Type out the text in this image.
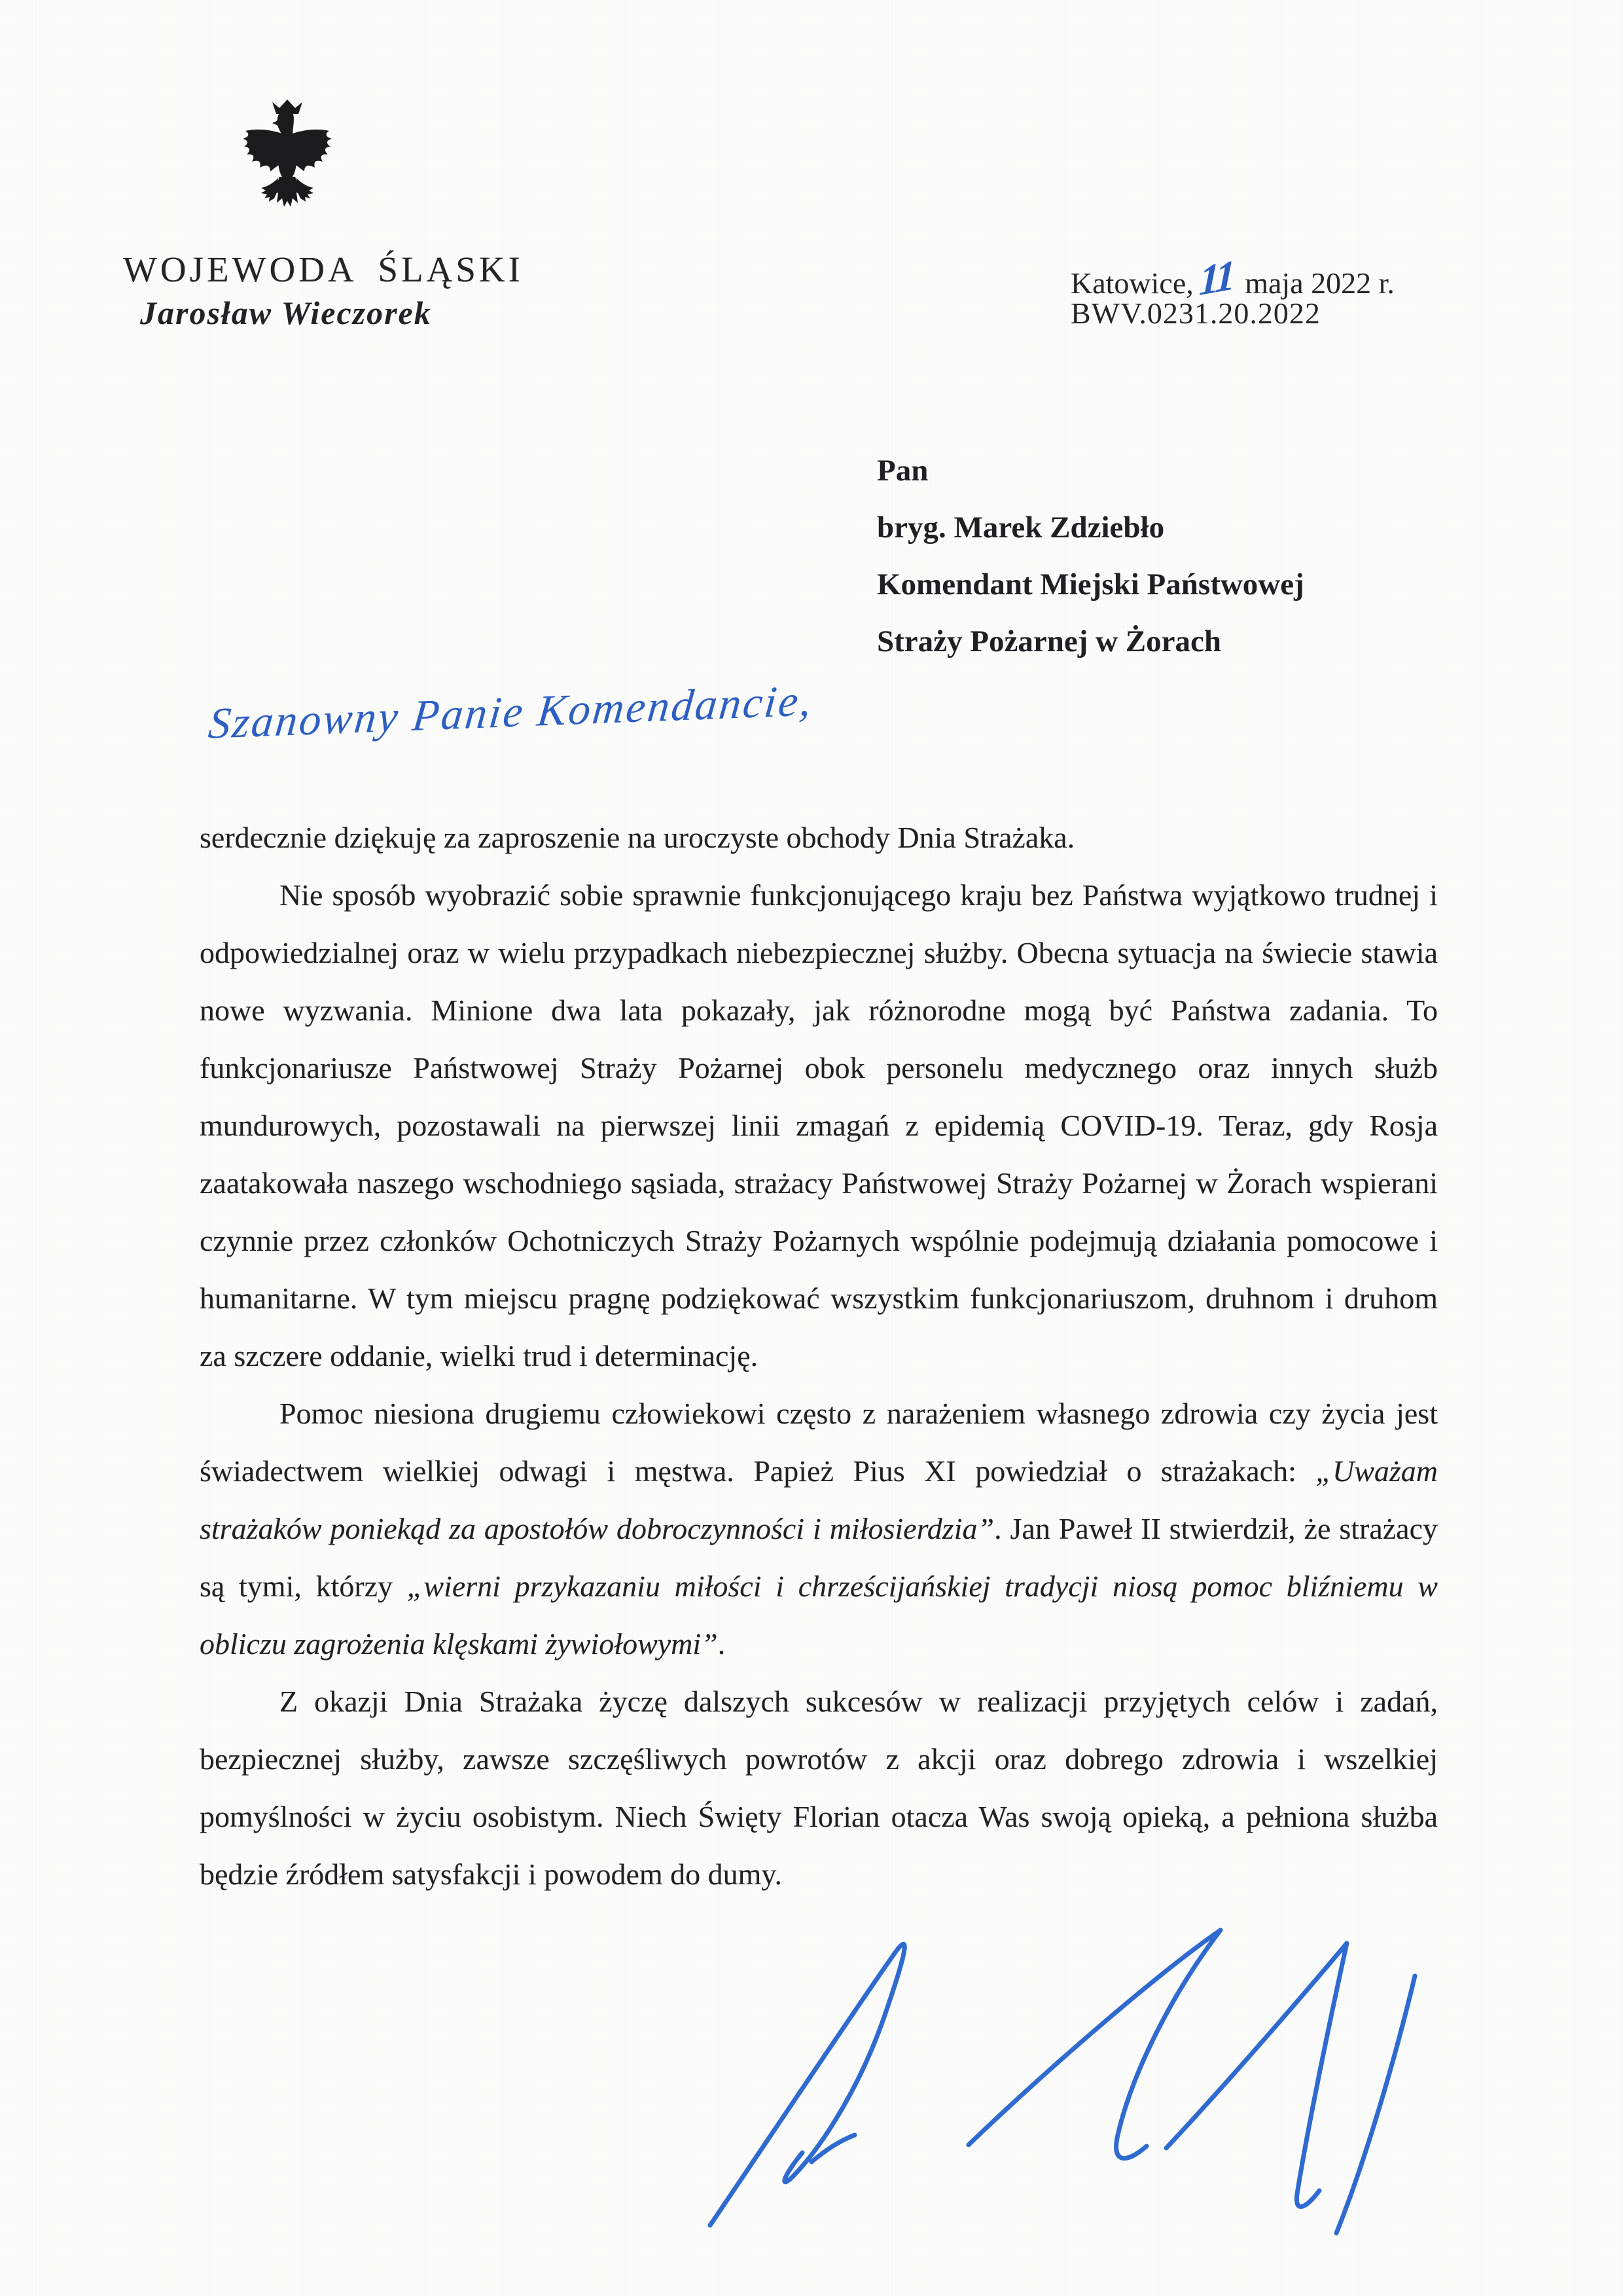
WOJEWODA ŚLĄSKI
Jarosław Wieczorek
Katowice, 11 maja 2022 r.
BWV.0231.20.2022
Pan
bryg. Marek Zdziebło
Komendant Miejski Państwowej
Straży Pożarnej w Żorach
Szanowny Panie Komendancie,

serdecznie dziękuję za zaproszenie na uroczyste obchody Dnia Strażaka.

Nie sposób wyobrazić sobie sprawnie funkcjonującego kraju bez Państwa wyjątkowo trudnej i odpowiedzialnej oraz w wielu przypadkach niebezpiecznej służby. Obecna sytuacja na świecie stawia nowe wyzwania. Minione dwa lata pokazały, jak różnorodne mogą być Państwa zadania. To funkcjonariusze Państwowej Straży Pożarnej obok personelu medycznego oraz innych służb mundurowych, pozostawali na pierwszej linii zmagań z epidemią COVID-19. Teraz, gdy Rosja zaatakowała naszego wschodniego sąsiada, strażacy Państwowej Straży Pożarnej w Żorach wspierani czynnie przez członków Ochotniczych Straży Pożarnych wspólnie podejmują działania pomocowe i humanitarne. W tym miejscu pragnę podziękować wszystkim funkcjonariuszom, druhnom i druhom za szczere oddanie, wielki trud i determinację.

Pomoc niesiona drugiemu człowiekowi często z narażeniem własnego zdrowia czy życia jest świadectwem wielkiej odwagi i męstwa. Papież Pius XI powiedział o strażakach: „Uważam strażaków poniekąd za apostołów dobroczynności i miłosierdzia”. Jan Paweł II stwierdził, że strażacy są tymi, którzy „wierni przykazaniu miłości i chrześcijańskiej tradycji niosą pomoc bliźniemu w obliczu zagrożenia klęskami żywiołowymi”.

Z okazji Dnia Strażaka życzę dalszych sukcesów w realizacji przyjętych celów i zadań, bezpiecznej służby, zawsze szczęśliwych powrotów z akcji oraz dobrego zdrowia i wszelkiej pomyślności w życiu osobistym. Niech Święty Florian otacza Was swoją opieką, a pełniona służba będzie źródłem satysfakcji i powodem do dumy.
